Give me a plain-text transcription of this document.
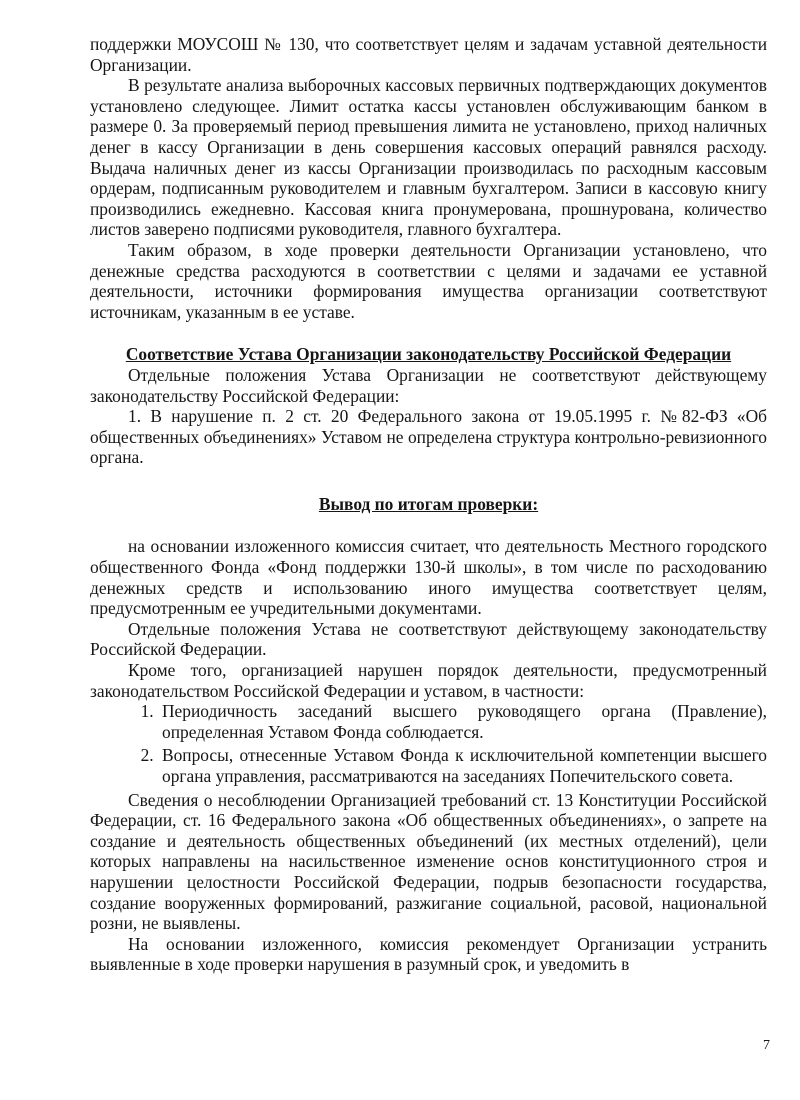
поддержки МОУСОШ № 130, что соответствует целям и задачам уставной деятельности Организации.

В результате анализа выборочных кассовых первичных подтверждающих документов установлено следующее. Лимит остатка кассы установлен обслуживающим банком в размере 0. За проверяемый период превышения лимита не установлено, приход наличных денег в кассу Организации в день совершения кассовых операций равнялся расходу. Выдача наличных денег из кассы Организации производилась по расходным кассовым ордерам, подписанным руководителем и главным бухгалтером. Записи в кассовую книгу производились ежедневно. Кассовая книга пронумерована, прошнурована, количество листов заверено подписями руководителя, главного бухгалтера.

Таким образом, в ходе проверки деятельности Организации установлено, что денежные средства расходуются в соответствии с целями и задачами ее уставной деятельности, источники формирования имущества организации соответствуют источникам, указанным в ее уставе.

Соответствие Устава Организации законодательству Российской Федерации

Отдельные положения Устава Организации не соответствуют действующему законодательству Российской Федерации:

1. В нарушение п. 2 ст. 20 Федерального закона от 19.05.1995 г. №82-ФЗ «Об общественных объединениях» Уставом не определена структура контрольно-ревизионного органа.

Вывод по итогам проверки:

на основании изложенного комиссия считает, что деятельность Местного городского общественного Фонда «Фонд поддержки 130-й школы», в том числе по расходованию денежных средств и использованию иного имущества соответствует целям, предусмотренным ее учредительными документами.

Отдельные положения Устава не соответствуют действующему законодательству Российской Федерации.

Кроме того, организацией нарушен порядок деятельности, предусмотренный законодательством Российской Федерации и уставом, в частности:

1. Периодичность заседаний высшего руководящего органа (Правление), определенная Уставом Фонда соблюдается.
2. Вопросы, отнесенные Уставом Фонда к исключительной компетенции высшего органа управления, рассматриваются на заседаниях Попечительского совета.

Сведения о несоблюдении Организацией требований ст. 13 Конституции Российской Федерации, ст. 16 Федерального закона «Об общественных объединениях», о запрете на создание и деятельность общественных объединений (их местных отделений), цели которых направлены на насильственное изменение основ конституционного строя и нарушении целостности Российской Федерации, подрыв безопасности государства, создание вооруженных формирований, разжигание социальной, расовой, национальной розни, не выявлены.

На основании изложенного, комиссия рекомендует Организации устранить выявленные в ходе проверки нарушения в разумный срок, и уведомить в

7
